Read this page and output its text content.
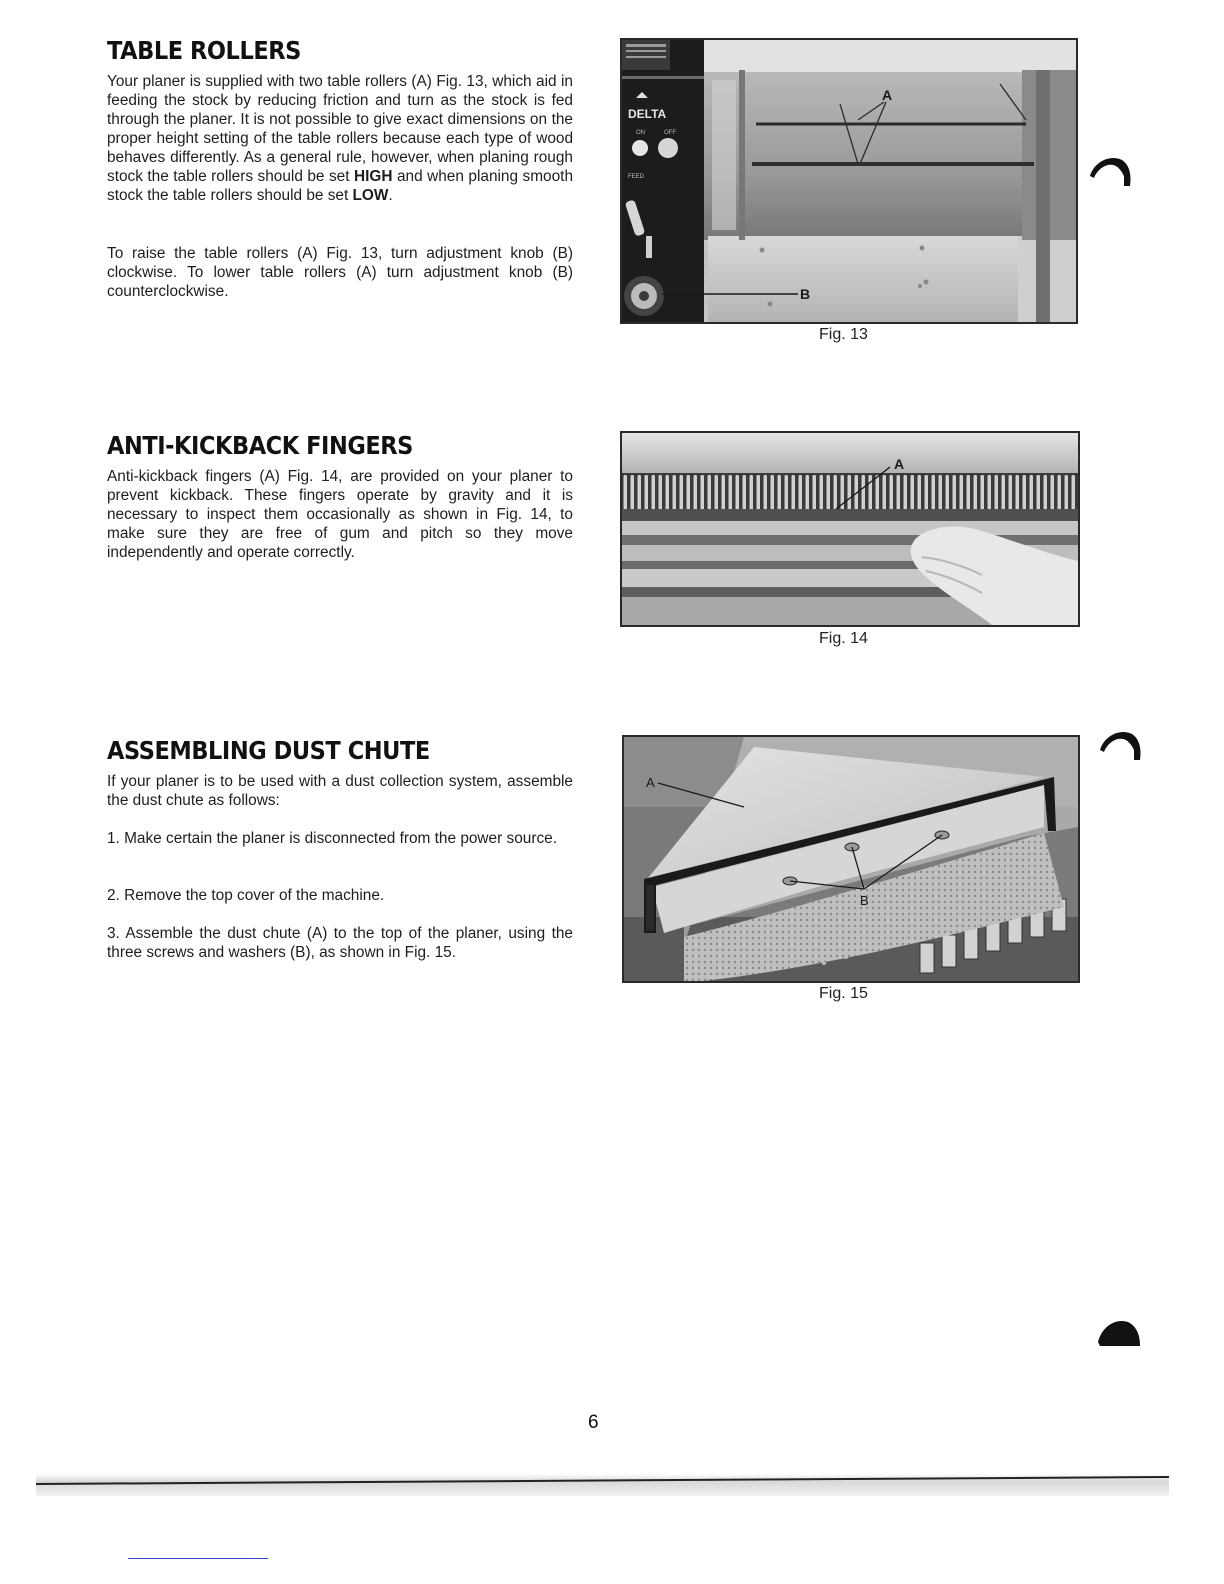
TABLE ROLLERS

Your planer is supplied with two table rollers (A) Fig. 13, which aid in feeding the stock by reducing friction and turn as the stock is fed through the planer. It is not possible to give exact dimensions on the proper height setting of the table rollers because each type of wood behaves differently. As a general rule, however, when planing rough stock the table rollers should be set HIGH and when planing smooth stock the table rollers should be set LOW.

To raise the table rollers (A) Fig. 13, turn adjustment knob (B) clockwise. To lower table rollers (A) turn adjustment knob (B) counterclockwise.

DELTA
ON	OFF
FEED
A
B
Fig. 13
ANTI-KICKBACK FINGERS

Anti-kickback fingers (A) Fig. 14, are provided on your planer to prevent kickback. These fingers operate by gravity and it is necessary to inspect them occasionally as shown in Fig. 14, to make sure they are free of gum and pitch so they move independently and operate correctly.

A
Fig. 14
ASSEMBLING DUST CHUTE

If your planer is to be used with a dust collection system, assemble the dust chute as follows:

1. Make certain the planer is disconnected from the power source.

2. Remove the top cover of the machine.

3. Assemble the dust chute (A) to the top of the planer, using the three screws and washers (B), as shown in Fig. 15.

B
A
Fig. 15
6
